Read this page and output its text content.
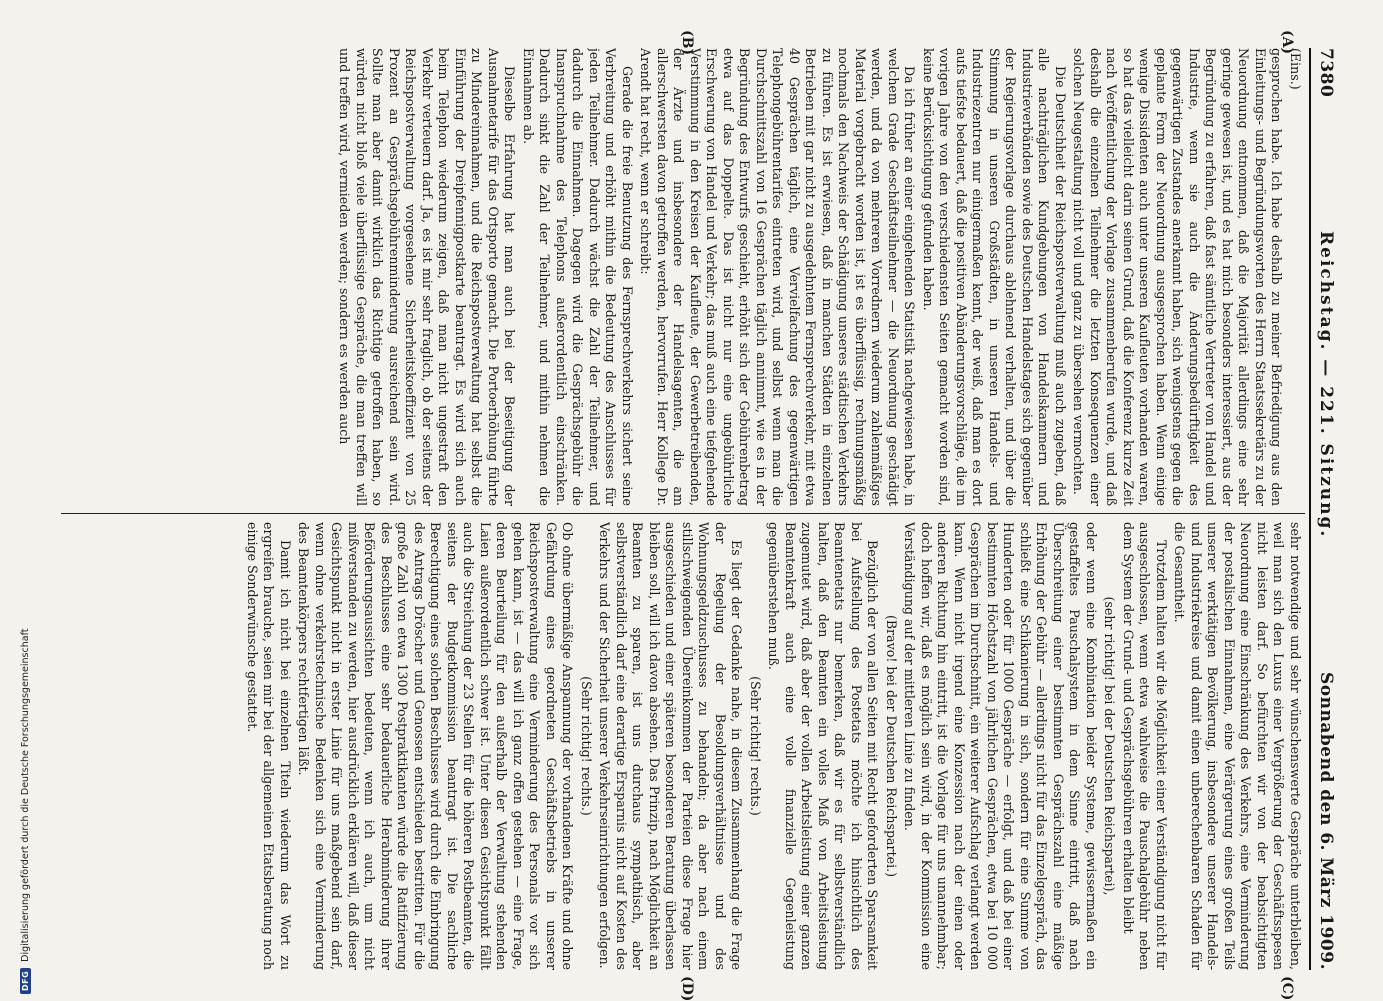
7380
Reichstag. — 221. Sitzung.
Sonnabend den 6. März 1909.
(A)
(B)
(C)
(D)

(Eins.)

gesprochen habe. Ich habe deshalb zu meiner Befriedigung aus den Einleitungs- und Begründungsworten des Herrn Staatssekretärs zu der Neuordnung entnommen, daß die Majorität allerdings eine sehr geringe gewesen ist, und es hat mich besonders interessiert, aus der Begründung zu erfahren, daß fast sämtliche Vertreter von Handel und Industrie, wenn sie auch die Änderungsbedürftigkeit des gegenwärtigen Zustandes anerkannt haben, sich wenigstens gegen die geplante Form der Neuordnung ausgesprochen haben. Wenn einige wenige Dissidenten auch unter unseren Kaufleuten vorhanden waren, so hat das vielleicht darin seinen Grund, daß die Konferenz kurze Zeit nach Veröffentlichung der Vorlage zusammenberufen wurde, und daß deshalb die einzelnen Teilnehmer die letzten Konsequenzen einer solchen Neugestaltung nicht voll und ganz zu übersehen vermochten.

Die Deutschheit der Reichspostverwaltung muß auch zugeben, daß alle nachträglichen Kundgebungen von Handelskammern und Industrieverbänden sowie des Deutschen Handelstages sich gegenüber der Regierungsvorlage durchaus ablehnend verhalten, und über die Stimmung in unseren Großstädten, in unseren Handels- und Industriezentren nur einigermaßen kennt, der weiß, daß man es dort aufs tiefste bedauert, daß die positiven Abänderungsvorschläge, die im vorigen Jahre von den verschiedensten Seiten gemacht worden sind, keine Berücksichtigung gefunden haben.

Da ich früher an einer eingehenden Statistik nachgewiesen habe, in welchem Grade Geschäftsteilnehmer — die Neuordnung geschädigt werden, und da von mehreren Vorrednern wiederum zahlenmäßiges Material vorgebracht worden ist, ist es überflüssig, rechnungsmäßig nochmals den Nachweis der Schädigung unseres städtischen Verkehrs zu führen. Es ist erwiesen, daß in manchen Städten in einzelnen Betrieben mit gar nicht zu ausgedehntem Fernsprechverkehr, mit etwa 40 Gesprächen täglich, eine Vervielfachung des gegenwärtigen Telephongebührentarifes eintreten wird, und selbst wenn man die Durchschnittszahl von 16 Gesprächen täglich annimmt, wie es in der Begründung des Entwurfs geschieht, erhöht sich der Gebührenbetrag etwa auf das Doppelte. Das ist nicht nur eine ungebührliche Erschwerung von Handel und Verkehr; das muß auch eine tiefgehende Verstimmung in den Kreisen der Kaufleute, der Gewerbetreibenden, der Ärzte und insbesondere der Handelsagenten, die am allerschwersten davon getroffen werden, hervorrufen. Herr Kollege Dr. Arendt hat recht, wenn er schreibt:

Gerade die freie Benutzung des Fernsprechverkehrs sichert seine Verbreitung und erhöht mithin die Bedeutung des Anschlusses für jeden Teilnehmer. Dadurch wächst die Zahl der Teilnehmer, und dadurch die Einnahmen. Dagegen wird die Gesprächsgebühr die Inanspruchnahme des Telephons außerordentlich einschränken. Dadurch sinkt die Zahl der Teilnehmer, und mithin nehmen die Einnahmen ab.

Dieselbe Erfahrung hat man auch bei der Beseitigung der Ausnahmetarife für das Ortsporto gemacht. Die Portoerhöhung führte zu Mindereinnahmen, und die Reichspostverwaltung hat selbst die Einführung der Dreipfennigpostkarte beantragt. Es wird sich auch beim Telephon wiederum zeigen, daß man nicht ungestraft den Verkehr verteuern darf. Ja, es ist mir sehr fraglich, ob der seitens der Reichspostverwaltung vorgesehene Sicherheitskoeffizient von 25 Prozent an Gesprächsgebührenminderung ausreichend sein wird. Sollte man aber damit wirklich das Richtige getroffen haben, so würden nicht bloß viele überflüssige Gespräche, die man treffen will und treffen wird, vermieden werden; sondern es werden auch

sehr notwendige und sehr wünschenswerte Gespräche unterbleiben, weil man sich den Luxus einer Vergrößerung der Geschäftsspesen nicht leisten darf. So befürchten wir von der beabsichtigten Neuordnung eine Einschränkung des Verkehrs, eine Verminderung der postalischen Einnahmen, eine Verärgerung eines großen Teils unserer werktätigen Bevölkerung, insbesondere unserer Handels- und Industriekreise und damit einen unberechenbaren Schaden für die Gesamtheit.

Trotzdem halten wir die Möglichkeit einer Verständigung nicht für ausgeschlossen, wenn etwa wahlweise die Pauschalgebühr neben dem System der Grund- und Gesprächsgebühren erhalten bleibt

(sehr richtig! bei der Deutschen Reichspartei),

oder wenn eine Kombination beider Systeme, gewissermaßen ein gestaffeltes Pauschalsystem in dem Sinne eintritt, daß nach Überschreitung einer bestimmten Gesprächszahl eine mäßige Erhöhung der Gebühr — allerdings nicht für das Einzelgespräch, das schließt eine Schikanierung in sich, sondern für eine Summe von Hunderten oder für 1000 Gespräche — erfolgt, und daß bei einer bestimmten Höchstzahl von jährlichen Gesprächen, etwa bei 10 000 Gesprächen im Durchschnitt, ein weiterer Aufschlag verlangt werden kann. Wenn nicht irgend eine Konzession nach der einen oder anderen Richtung hin eintritt, ist die Vorlage für uns unannehmbar; doch hoffen wir, daß es möglich sein wird, in der Kommission eine Verständigung auf der mittleren Linie zu finden.

(Bravo! bei der Deutschen Reichspartei.)

Bezüglich der von allen Seiten mit Recht geforderten Sparsamkeit bei Aufstellung des Postetats möchte ich hinsichtlich des Beamtenetats nur bemerken, daß wir es für selbstverständlich halten, daß den Beamten ein volles Maß von Arbeitsleistung zugemutet wird, daß aber der vollen Arbeitsleistung einer ganzen Beamtenkraft auch eine volle finanzielle Gegenleistung gegenüberstehen muß.

(Sehr richtig! rechts.)

Es liegt der Gedanke nahe, in diesem Zusammenhang die Frage der Regelung der Besoldungsverhältnisse und des Wohnungsgeldzuschusses zu behandeln; da aber nach einem stillschweigenden Übereinkommen der Parteien diese Frage hier ausgeschieden und einer späteren besonderen Beratung überlassen bleiben soll, will ich davon absehen. Das Prinzip, nach Möglichkeit an Beamten zu sparen, ist uns durchaus sympathisch, aber selbstverständlich darf eine derartige Ersparnis nicht auf Kosten des Verkehrs und der Sicherheit unserer Verkehrseinrichtungen erfolgen.

(Sehr richtig! rechts.)

Ob ohne übermäßige Anspannung der vorhandenen Kräfte und ohne Gefährdung eines geordneten Geschäftsbetriebs in unserer Reichspostverwaltung eine Verminderung des Personals vor sich gehen kann, ist — das will ich ganz offen gestehen — eine Frage, deren Beurteilung für den außerhalb der Verwaltung stehenden Laien außerordentlich schwer ist. Unter diesen Gesichtspunkt fällt auch die Streichung der 23 Stellen für die höheren Postbeamten, die seitens der Budgetkommission beantragt ist. Die sachliche Berechtigung eines solchen Beschlusses wird durch die Einbringung des Antrags Dröscher und Genossen entschieden bestritten. Für die große Zahl von etwa 1300 Postpraktikanten würde die Ratifizierung des Beschlusses eine sehr bedauerliche Herabminderung ihrer Beförderungsaussichten bedeuten, wenn ich auch, um nicht mißverstanden zu werden, hier ausdrücklich erklären will, daß dieser Gesichtspunkt nicht in erster Linie für uns maßgebend sein darf, wenn ohne verkehrstechnische Bedenken sich eine Verminderung des Beamtenkörpers rechtfertigen läßt.

Damit ich nicht bei einzelnen Titeln wiederum das Wort zu ergreifen brauche, seien mir bei der allgemeinen Etatsberatung noch einige Sonderwünsche gestattet.

DFG
Digitalisierung gefördert durch die Deutsche Forschungsgemeinschaft
